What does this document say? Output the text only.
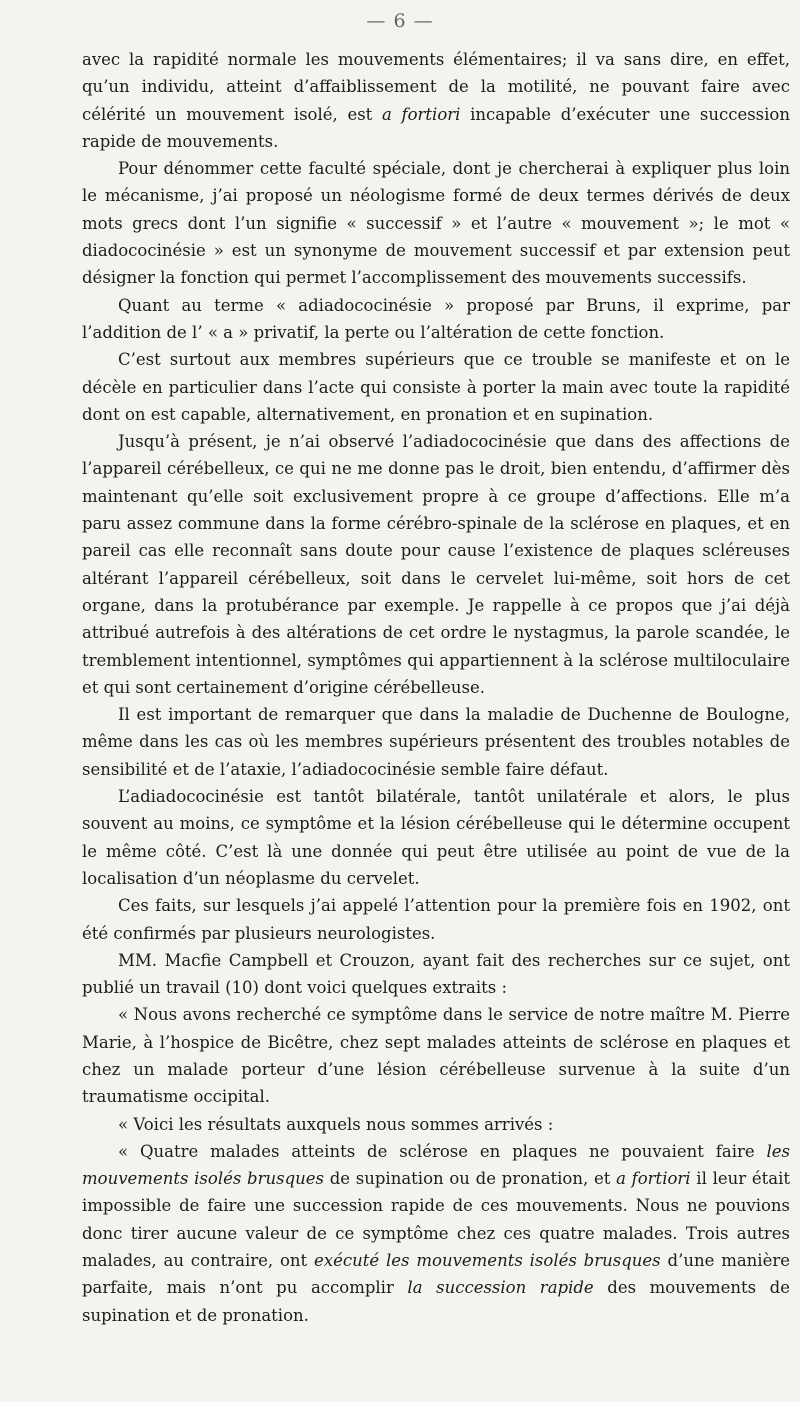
— 6 —

avec la rapidité normale les mouvements élémentaires; il va sans dire, en effet, qu’un individu, atteint d’affaiblissement de la motilité, ne pouvant faire avec célérité un mouvement isolé, est a fortiori incapable d’exécuter une succession rapide de mouvements.

Pour dénommer cette faculté spéciale, dont je chercherai à expliquer plus loin le mécanisme, j’ai proposé un néologisme formé de deux termes dérivés de deux mots grecs dont l’un signifie « successif » et l’autre « mouvement »; le mot « diadococinésie » est un synonyme de mouvement successif et par extension peut désigner la fonction qui permet l’accomplissement des mouvements successifs.

Quant au terme « adiadococinésie » proposé par Bruns, il exprime, par l’addition de l’ « a » privatif, la perte ou l’altération de cette fonction.

C’est surtout aux membres supérieurs que ce trouble se manifeste et on le décèle en particulier dans l’acte qui consiste à porter la main avec toute la rapidité dont on est capable, alternativement, en pronation et en supination.

Jusqu’à présent, je n’ai observé l’adiadococinésie que dans des affections de l’appareil cérébelleux, ce qui ne me donne pas le droit, bien entendu, d’affirmer dès maintenant qu’elle soit exclusivement propre à ce groupe d’affections. Elle m’a paru assez commune dans la forme cérébro-spinale de la sclérose en plaques, et en pareil cas elle reconnaît sans doute pour cause l’existence de plaques scléreuses altérant l’appareil cérébelleux, soit dans le cervelet lui-même, soit hors de cet organe, dans la protubérance par exemple. Je rappelle à ce propos que j’ai déjà attribué autrefois à des altérations de cet ordre le nystagmus, la parole scandée, le tremblement intentionnel, symptômes qui appartiennent à la sclérose multiloculaire et qui sont certainement d’origine cérébelleuse.

Il est important de remarquer que dans la maladie de Duchenne de Boulogne, même dans les cas où les membres supérieurs présentent des troubles notables de sensibilité et de l’ataxie, l’adiadococinésie semble faire défaut.

L’adiadococinésie est tantôt bilatérale, tantôt unilatérale et alors, le plus souvent au moins, ce symptôme et la lésion cérébelleuse qui le détermine occupent le même côté. C’est là une donnée qui peut être utilisée au point de vue de la localisation d’un néoplasme du cervelet.

Ces faits, sur lesquels j’ai appelé l’attention pour la première fois en 1902, ont été confirmés par plusieurs neurologistes.

MM. Macfie Campbell et Crouzon, ayant fait des recherches sur ce sujet, ont publié un travail (10) dont voici quelques extraits :

« Nous avons recherché ce symptôme dans le service de notre maître M. Pierre Marie, à l’hospice de Bicêtre, chez sept malades atteints de sclérose en plaques et chez un malade porteur d’une lésion cérébelleuse survenue à la suite d’un traumatisme occipital.

« Voici les résultats auxquels nous sommes arrivés :

« Quatre malades atteints de sclérose en plaques ne pouvaient faire les mouvements isolés brusques de supination ou de pronation, et a fortiori il leur était impossible de faire une succession rapide de ces mouvements. Nous ne pouvions donc tirer aucune valeur de ce symptôme chez ces quatre malades. Trois autres malades, au contraire, ont exécuté les mouvements isolés brusques d’une manière parfaite, mais n’ont pu accomplir la succession rapide des mouvements de supination et de pronation.
